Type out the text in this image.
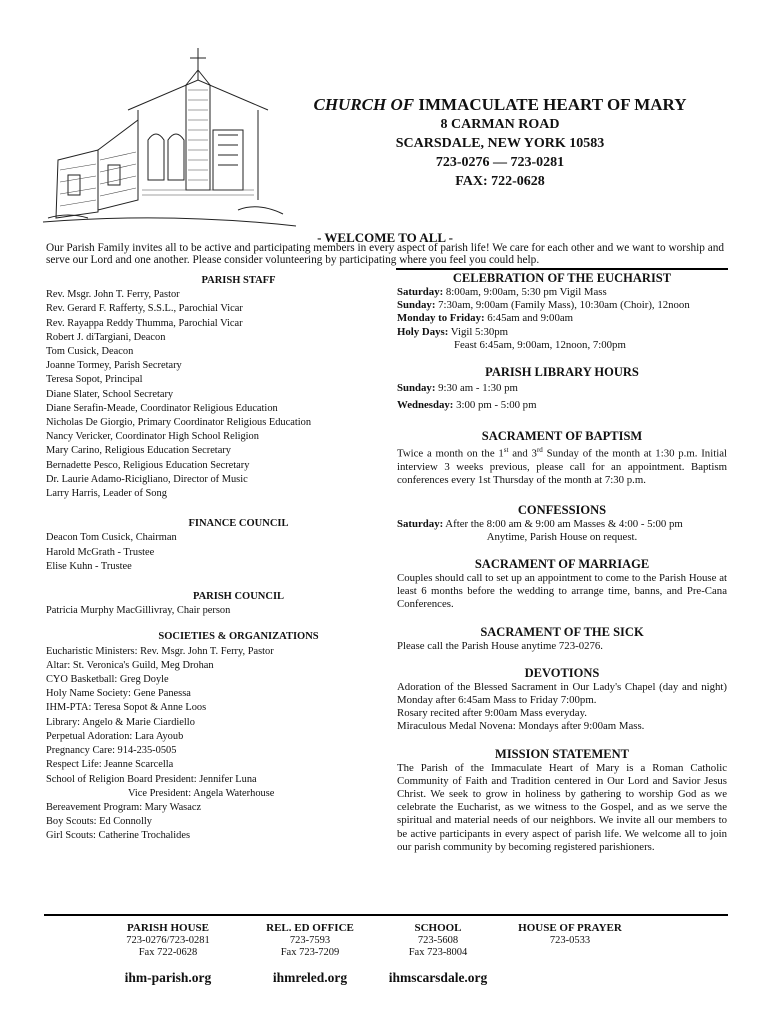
CHURCH OF IMMACULATE HEART OF MARY
8 CARMAN ROAD
SCARSDALE, NEW YORK 10583
723-0276 — 723-0281
FAX: 722-0628
- WELCOME TO ALL -
Our Parish Family invites all to be active and participating members in every aspect of parish life! We care for each other and we want to worship and serve our Lord and one another. Please consider volunteering by participating where you feel you could help.
PARISH STAFF
Rev. Msgr. John T. Ferry, Pastor
Rev. Gerard F. Rafferty, S.S.L., Parochial Vicar
Rev. Rayappa Reddy Thumma, Parochial Vicar
Robert J. diTargiani, Deacon
Tom Cusick, Deacon
Joanne Tormey, Parish Secretary
Teresa Sopot, Principal
Diane Slater, School Secretary
Diane Serafin-Meade, Coordinator Religious Education
Nicholas De Giorgio, Primary Coordinator Religious Education
Nancy Vericker, Coordinator High School Religion
Mary Carino, Religious Education Secretary
Bernadette Pesco, Religious Education Secretary
Dr. Laurie Adamo-Ricigliano, Director of Music
Larry Harris, Leader of Song
FINANCE COUNCIL
Deacon Tom Cusick, Chairman
Harold McGrath - Trustee
Elise Kuhn - Trustee
PARISH COUNCIL
Patricia Murphy MacGillivray, Chair person
SOCIETIES & ORGANIZATIONS
Eucharistic Ministers: Rev. Msgr. John T. Ferry, Pastor
Altar: St. Veronica's Guild, Meg Drohan
CYO Basketball: Greg Doyle
Holy Name Society: Gene Panessa
IHM-PTA: Teresa Sopot & Anne Loos
Library: Angelo & Marie Ciardiello
Perpetual Adoration: Lara Ayoub
Pregnancy Care: 914-235-0505
Respect Life: Jeanne Scarcella
School of Religion Board President: Jennifer Luna
Vice President: Angela Waterhouse
Bereavement Program: Mary Wasacz
Boy Scouts: Ed Connolly
Girl Scouts: Catherine Trochalides
CELEBRATION OF THE EUCHARIST
Saturday: 8:00am, 9:00am, 5:30 pm Vigil Mass
Sunday: 7:30am, 9:00am (Family Mass), 10:30am (Choir), 12noon
Monday to Friday: 6:45am and 9:00am
Holy Days: Vigil 5:30pm
Feast 6:45am, 9:00am, 12noon, 7:00pm
PARISH LIBRARY HOURS
Sunday: 9:30 am - 1:30 pm
Wednesday: 3:00 pm - 5:00 pm
SACRAMENT OF BAPTISM
Twice a month on the 1st and 3rd Sunday of the month at 1:30 p.m. Initial interview 3 weeks previous, please call for an appointment. Baptism conferences every 1st Thursday of the month at 7:30 p.m.
CONFESSIONS
Saturday: After the 8:00 am & 9:00 am Masses & 4:00 - 5:00 pm
Anytime, Parish House on request.
SACRAMENT OF MARRIAGE
Couples should call to set up an appointment to come to the Parish House at least 6 months before the wedding to arrange time, banns, and Pre-Cana Conferences.
SACRAMENT OF THE SICK
Please call the Parish House anytime 723-0276.
DEVOTIONS
Adoration of the Blessed Sacrament in Our Lady's Chapel (day and night) Monday after 6:45am Mass to Friday 7:00pm.
Rosary recited after 9:00am Mass everyday.
Miraculous Medal Novena: Mondays after 9:00am Mass.
MISSION STATEMENT
The Parish of the Immaculate Heart of Mary is a Roman Catholic Community of Faith and Tradition centered in Our Lord and Savior Jesus Christ. We seek to grow in holiness by gathering to worship God as we celebrate the Eucharist, as we witness to the Gospel, and as we serve the spiritual and material needs of our neighbors. We invite all our members to be active participants in every aspect of parish life. We welcome all to join our parish community by becoming registered parishioners.
PARISH HOUSE
723-0276/723-0281
Fax 722-0628
ihm-parish.org
REL. ED OFFICE
723-7593
Fax 723-7209
ihmreled.org
SCHOOL
723-5608
Fax 723-8004
ihmscarsdale.org
HOUSE OF PRAYER
723-0533
